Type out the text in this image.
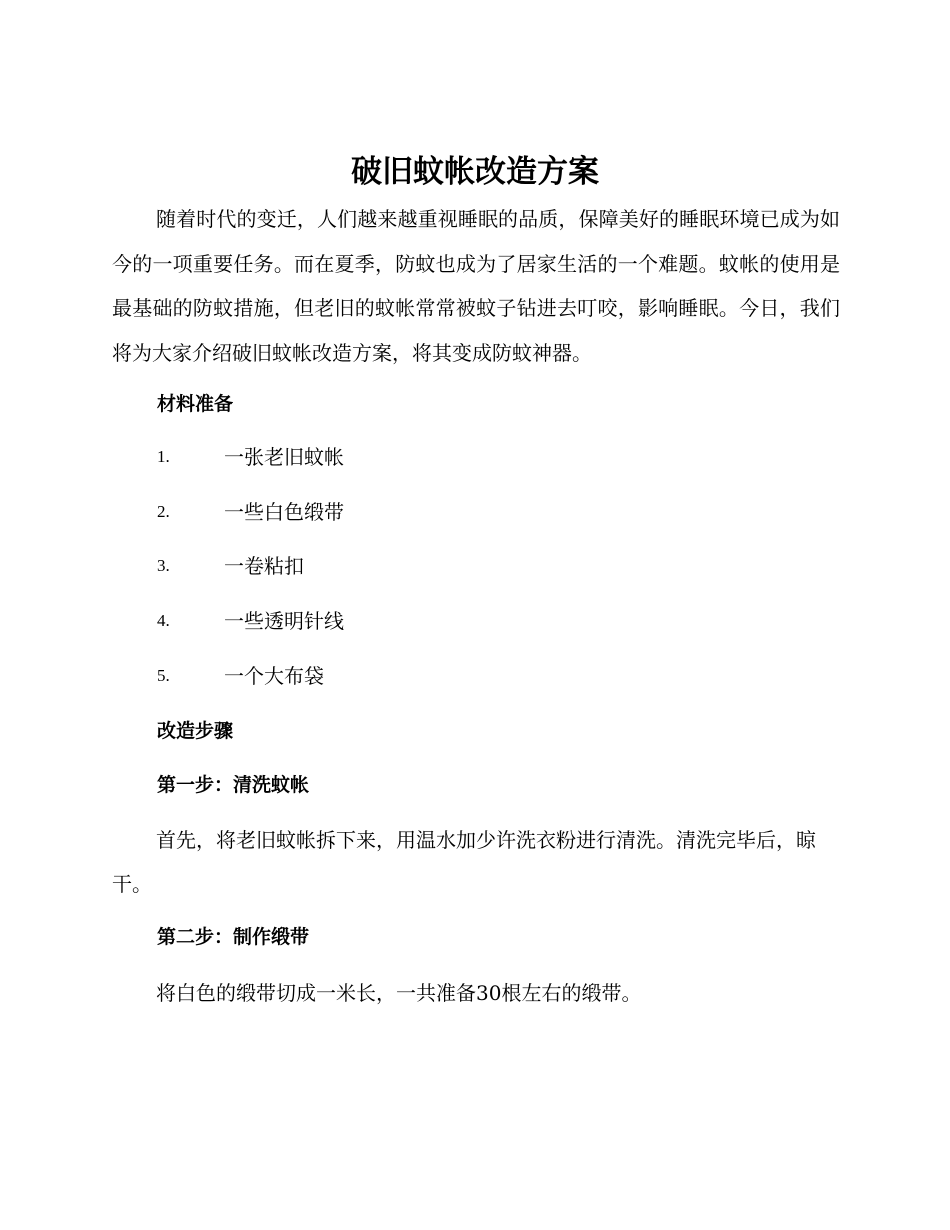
破旧蚊帐改造方案

随着时代的变迁，人们越来越重视睡眠的品质，保障美好的睡眠环境已成为如今的一项重要任务。而在夏季，防蚊也成为了居家生活的一个难题。蚊帐的使用是最基础的防蚊措施，但老旧的蚊帐常常被蚊子钻进去叮咬，影响睡眠。今日，我们将为大家介绍破旧蚊帐改造方案，将其变成防蚊神器。

材料准备
1.	一张老旧蚊帐
2.	一些白色缎带
3.	一卷粘扣
4.	一些透明针线
5.	一个大布袋
改造步骤
第一步：清洗蚊帐

首先，将老旧蚊帐拆下来，用温水加少许洗衣粉进行清洗。清洗完毕后，晾干。

第二步：制作缎带

将白色的缎带切成一米长，一共准备30根左右的缎带。
